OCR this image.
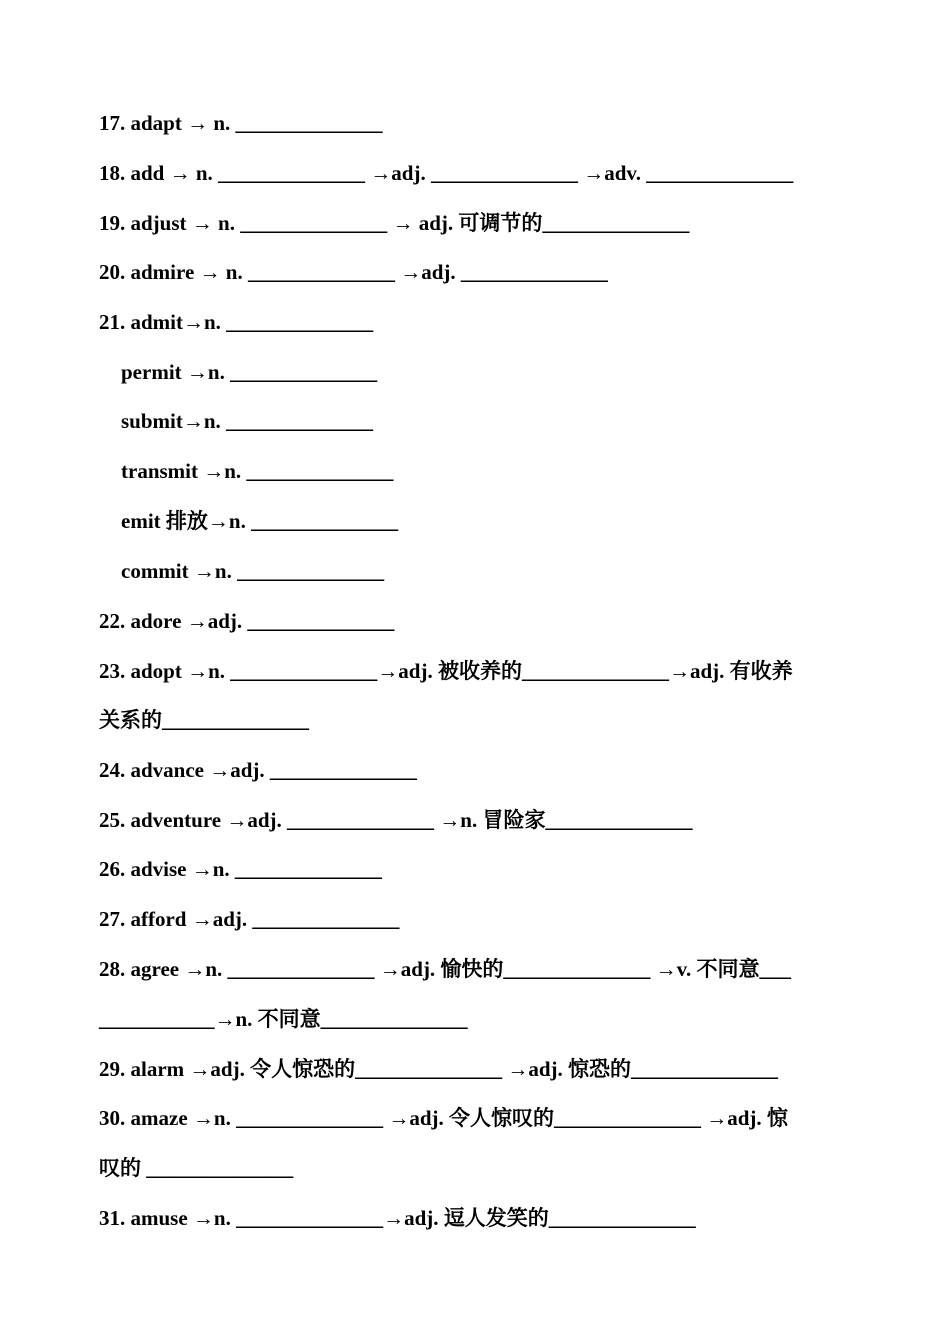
17. adapt → n. ______________
18. add → n. ______________ →adj. ______________ →adv. ______________
19. adjust → n. ______________ → adj. 可调节的______________
20. admire → n. ______________ →adj. ______________
21. admit→n. ______________
permit →n. ______________
submit→n. ______________
transmit →n. ______________
emit 排放→n. ______________
commit →n. ______________
22. adore →adj. ______________
23. adopt →n. ______________→adj. 被收养的______________→adj. 有收养
关系的______________
24. advance →adj. ______________
25. adventure →adj. ______________ →n. 冒险家______________
26. advise →n. ______________
27. afford →adj. ______________
28. agree →n. ______________ →adj. 愉快的______________ →v. 不同意___
___________→n. 不同意______________
29. alarm →adj. 令人惊恐的______________ →adj. 惊恐的______________
30. amaze →n. ______________ →adj. 令人惊叹的______________ →adj. 惊
叹的 ______________
31. amuse →n. ______________→adj. 逗人发笑的______________
